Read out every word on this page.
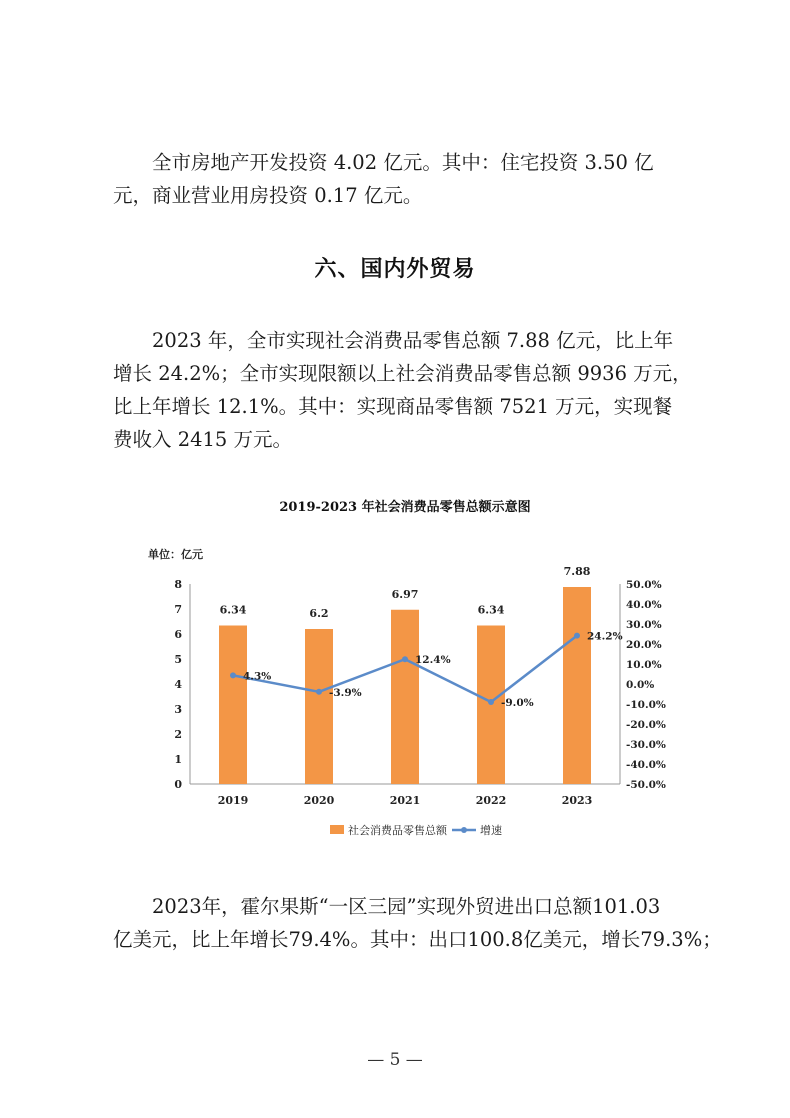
全市房地产开发投资 4.02 亿元。其中：住宅投资 3.50 亿
元，商业营业用房投资 0.17 亿元。

六、国内外贸易

2023 年，全市实现社会消费品零售总额 7.88 亿元，比上年
增长 24.2%；全市实现限额以上社会消费品零售总额 9936 万元，
比上年增长 12.1%。其中：实现商品零售额 7521 万元，实现餐
费收入 2415 万元。

2019-2023 年社会消费品零售总额示意图

单位：亿元
0
1
2
3
4
5
6
7
8
-50.0%
-40.0%
-30.0%
-20.0%
-10.0%
0.0%
10.0%
20.0%
30.0%
40.0%
50.0%
6.34	6.2
6.97
6.34
7.88
2019	2020	2021	2022	2023
4.3%
-3.9%
12.4%
-9.0%
24.2%
社会消费品零售总额	增速

2023年，霍尔果斯“一区三园”实现外贸进出口总额101.03
亿美元，比上年增长79.4%。其中：出口100.8亿美元，增长79.3%；

— 5 —
